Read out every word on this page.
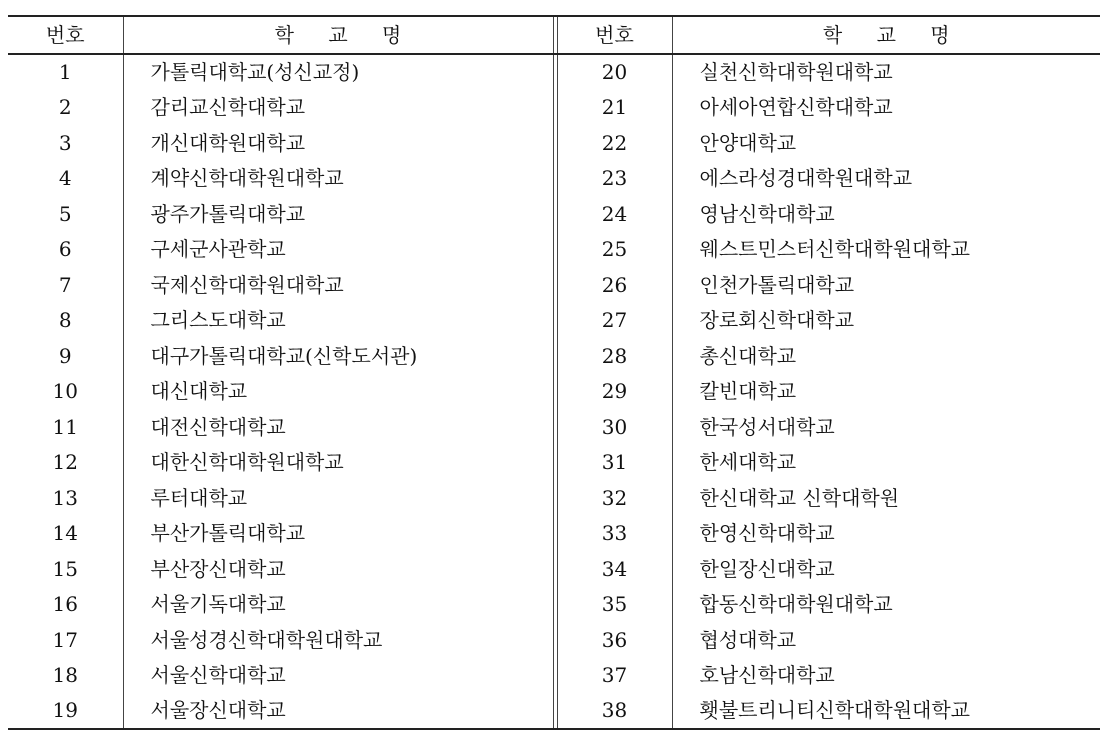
번호	학 교 명		번호	학 교 명
1	가톨릭대학교(성신교정)		20	실천신학대학원대학교
2	감리교신학대학교		21	아세아연합신학대학교
3	개신대학원대학교		22	안양대학교
4	계약신학대학원대학교		23	에스라성경대학원대학교
5	광주가톨릭대학교		24	영남신학대학교
6	구세군사관학교		25	웨스트민스터신학대학원대학교
7	국제신학대학원대학교		26	인천가톨릭대학교
8	그리스도대학교		27	장로회신학대학교
9	대구가톨릭대학교(신학도서관)		28	총신대학교
10	대신대학교		29	칼빈대학교
11	대전신학대학교		30	한국성서대학교
12	대한신학대학원대학교		31	한세대학교
13	루터대학교		32	한신대학교 신학대학원
14	부산가톨릭대학교		33	한영신학대학교
15	부산장신대학교		34	한일장신대학교
16	서울기독대학교		35	합동신학대학원대학교
17	서울성경신학대학원대학교		36	협성대학교
18	서울신학대학교		37	호남신학대학교
19	서울장신대학교		38	횃불트리니티신학대학원대학교
